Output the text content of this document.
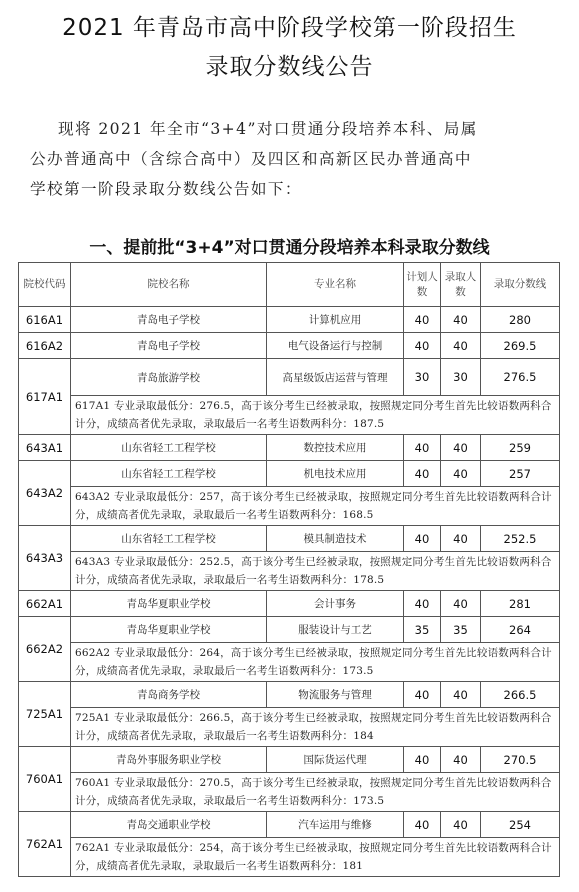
2021 年青岛市高中阶段学校第一阶段招生
录取分数线公告
现将 2021 年全市“3+4”对口贯通分段培养本科、局属
公办普通高中（含综合高中）及四区和高新区民办普通高中
学校第一阶段录取分数线公告如下：
一、提前批“3+4”对口贯通分段培养本科录取分数线
院校代码	院校名称	专业名称	计划人数	录取人数	录取分数线
616A1	青岛电子学校	计算机应用	40	40	280
616A2	青岛电子学校	电气设备运行与控制	40	40	269.5
617A1	青岛旅游学校	高星级饭店运营与管理	30	30	276.5
	617A1 专业录取最低分：276.5，高于该分考生已经被录取，按照规定同分考生首先比较语数两科合计分，成绩高者优先录取，录取最后一名考生语数两科分：187.5				
643A1	山东省轻工工程学校	数控技术应用	40	40	259
643A2	山东省轻工工程学校	机电技术应用	40	40	257
	643A2 专业录取最低分：257，高于该分考生已经被录取，按照规定同分考生首先比较语数两科合计分，成绩高者优先录取，录取最后一名考生语数两科分：168.5				
643A3	山东省轻工工程学校	模具制造技术	40	40	252.5
	643A3 专业录取最低分：252.5，高于该分考生已经被录取，按照规定同分考生首先比较语数两科合计分，成绩高者优先录取，录取最后一名考生语数两科分：178.5				
662A1	青岛华夏职业学校	会计事务	40	40	281
662A2	青岛华夏职业学校	服装设计与工艺	35	35	264
	662A2 专业录取最低分：264，高于该分考生已经被录取，按照规定同分考生首先比较语数两科合计分，成绩高者优先录取，录取最后一名考生语数两科分：173.5				
725A1	青岛商务学校	物流服务与管理	40	40	266.5
	725A1 专业录取最低分：266.5，高于该分考生已经被录取，按照规定同分考生首先比较语数两科合计分，成绩高者优先录取，录取最后一名考生语数两科分：184				
760A1	青岛外事服务职业学校	国际货运代理	40	40	270.5
	760A1 专业录取最低分：270.5，高于该分考生已经被录取，按照规定同分考生首先比较语数两科合计分，成绩高者优先录取，录取最后一名考生语数两科分：173.5				
762A1	青岛交通职业学校	汽车运用与维修	40	40	254
	762A1 专业录取最低分：254，高于该分考生已经被录取，按照规定同分考生首先比较语数两科合计分，成绩高者优先录取，录取最后一名考生语数两科分：181				
